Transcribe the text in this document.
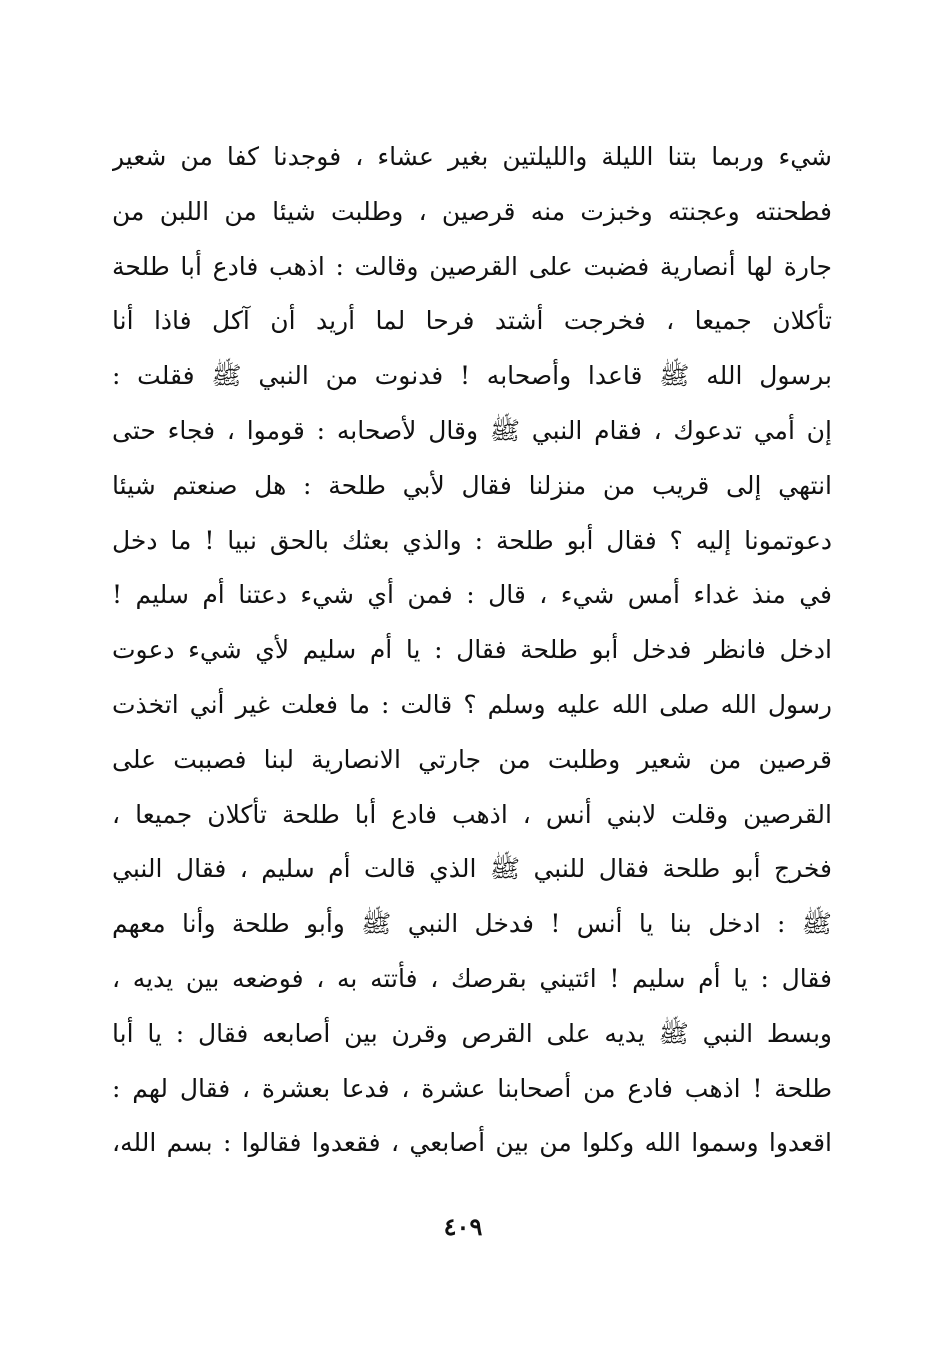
شيء وربما بتنا الليلة والليلتين بغير عشاء ، فوجدنا كفا من شعير
فطحنته وعجنته وخبزت منه قرصين ، وطلبت شيئا من اللبن من
جارة لها أنصارية فضبت على القرصين وقالت : اذهب فادع أبا طلحة
تأكلان جميعا ، فخرجت أشتد فرحا لما أريد أن آكل فاذا أنا
برسول الله ﷺ قاعدا وأصحابه ! فدنوت من النبي ﷺ فقلت :
إن أمي تدعوك ، فقام النبي ﷺ وقال لأصحابه : قوموا ، فجاء حتى
انتهي إلى قريب من منزلنا فقال لأبي طلحة : هل صنعتم شيئا
دعوتمونا إليه ؟ فقال أبو طلحة : والذي بعثك بالحق نبيا ! ما دخل
في منذ غداء أمس شيء ، قال : فمن أي شيء دعتنا أم سليم !
ادخل فانظر فدخل أبو طلحة فقال : يا أم سليم لأي شيء دعوت
رسول الله صلى الله عليه وسلم ؟ قالت : ما فعلت غير أني اتخذت
قرصين من شعير وطلبت من جارتي الانصارية لبنا فصببت على
القرصين وقلت لابني أنس ، اذهب فادع أبا طلحة تأكلان جميعا ،
فخرج أبو طلحة فقال للنبي ﷺ الذي قالت أم سليم ، فقال النبي
ﷺ : ادخل بنا يا أنس ! فدخل النبي ﷺ وأبو طلحة وأنا معهم
فقال : يا أم سليم ! ائتيني بقرصك ، فأتته به ، فوضعه بين يديه ،
وبسط النبي ﷺ يديه على القرص وقرن بين أصابعه فقال : يا أبا
طلحة ! اذهب فادع من أصحابنا عشرة ، فدعا بعشرة ، فقال لهم :
اقعدوا وسموا الله وكلوا من بين أصابعي ، فقعدوا فقالوا : بسم الله،
٤٠٩
